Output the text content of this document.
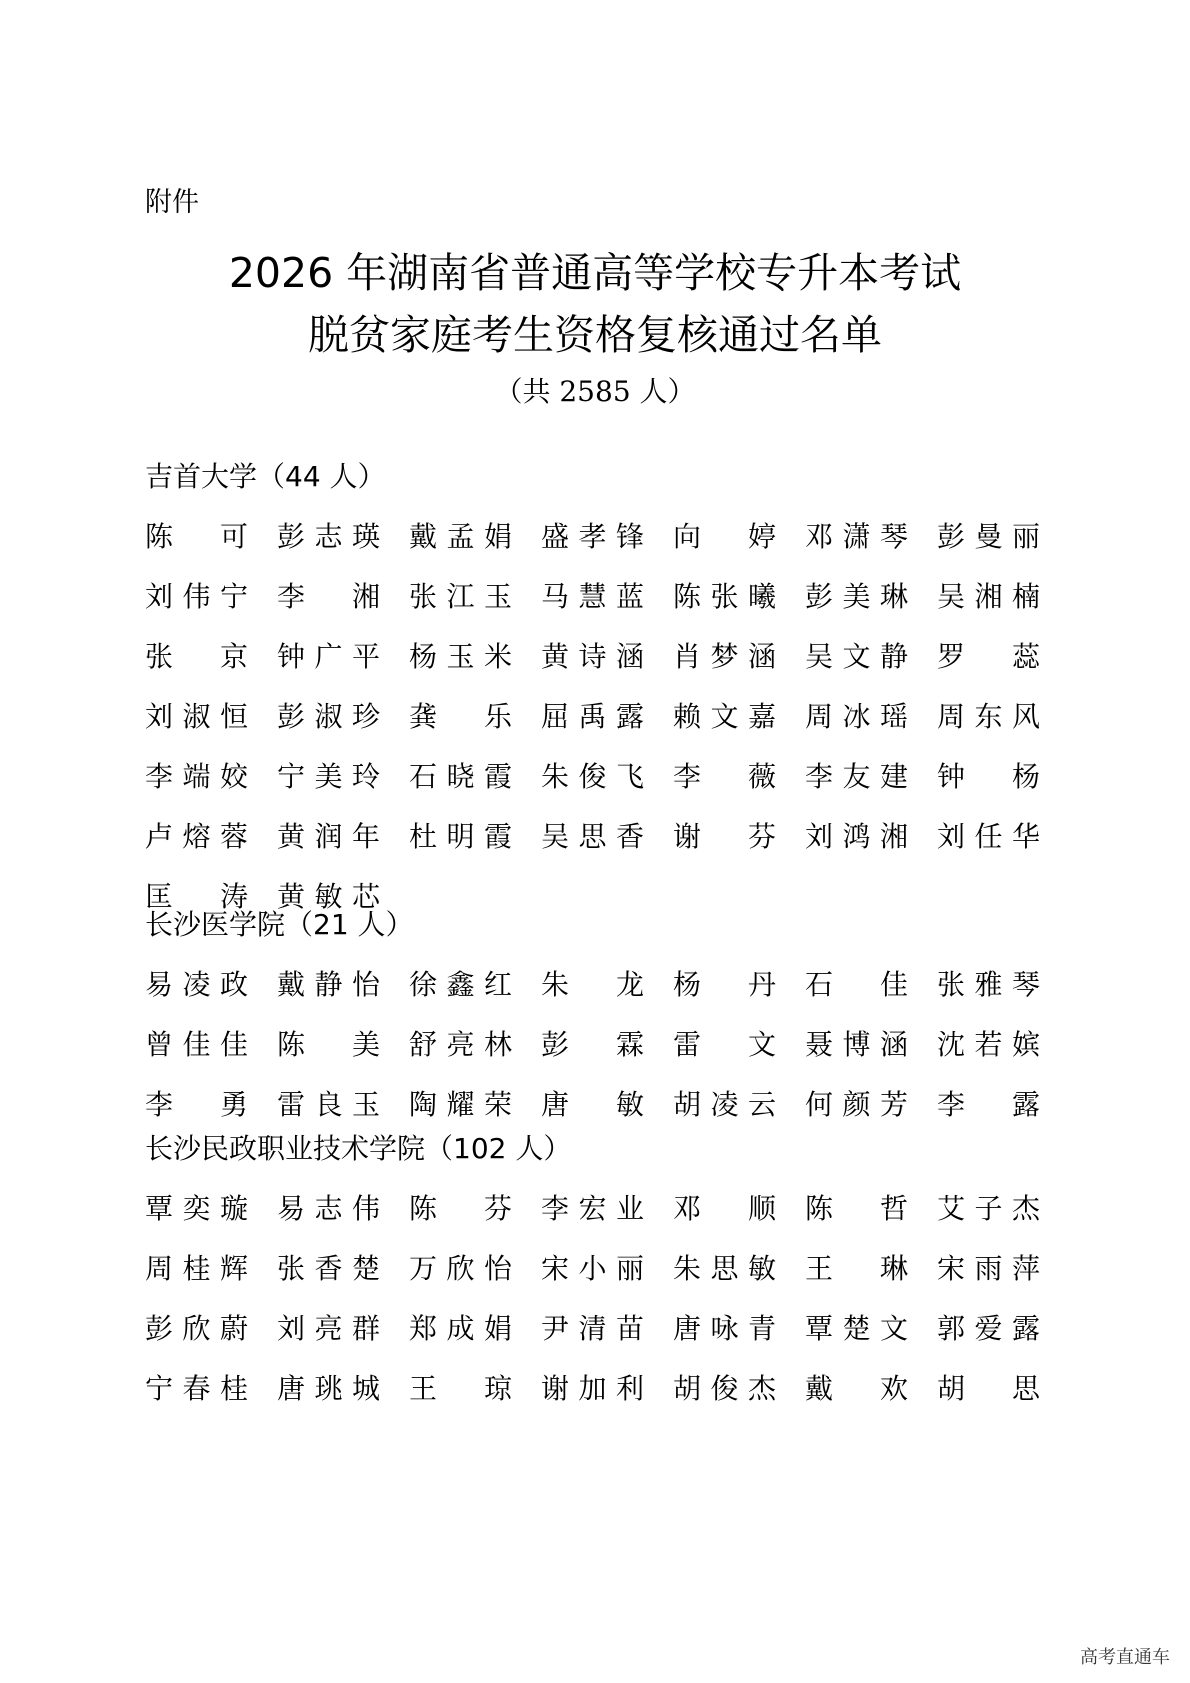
附件
2026 年湖南省普通高等学校专升本考试
脱贫家庭考生资格复核通过名单
（共 2585 人）
吉首大学（44 人）
陈 可 彭 志 瑛 戴 孟 娟 盛 孝 锋 向 婷 邓 潇 琴 彭 曼 丽
刘 伟 宁 李 湘 张 江 玉 马 慧 蓝 陈 张 曦 彭 美 琳 吴 湘 楠
张 京 钟 广 平 杨 玉 米 黄 诗 涵 肖 梦 涵 吴 文 静 罗 蕊
刘 淑 恒 彭 淑 珍 龚 乐 屈 禹 露 赖 文 嘉 周 冰 瑶 周 东 风
李 端 姣 宁 美 玲 石 晓 霞 朱 俊 飞 李 薇 李 友 建 钟 杨
卢 熔 蓉 黄 润 年 杜 明 霞 吴 思 香 谢 芬 刘 鸿 湘 刘 任 华
匡 涛 黄 敏 芯
长沙医学院（21 人）
易 凌 政 戴 静 怡 徐 鑫 红 朱 龙 杨 丹 石 佳 张 雅 琴
曾 佳 佳 陈 美 舒 亮 林 彭 霖 雷 文 聂 博 涵 沈 若 嫔
李 勇 雷 良 玉 陶 耀 荣 唐 敏 胡 凌 云 何 颜 芳 李 露
长沙民政职业技术学院（102 人）
覃 奕 璇 易 志 伟 陈 芬 李 宏 业 邓 顺 陈 哲 艾 子 杰
周 桂 辉 张 香 楚 万 欣 怡 宋 小 丽 朱 思 敏 王 琳 宋 雨 萍
彭 欣 蔚 刘 亮 群 郑 成 娟 尹 清 苗 唐 咏 青 覃 楚 文 郭 爱 露
宁 春 桂 唐 珧 城 王 琼 谢 加 利 胡 俊 杰 戴 欢 胡 思
高考直通车
